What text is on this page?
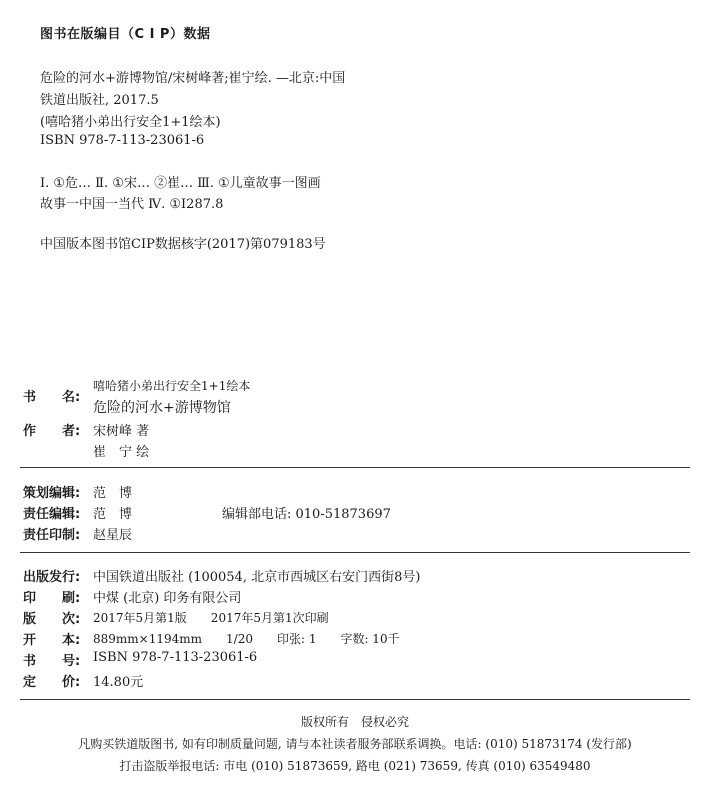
图书在版编目（C I P）数据
危险的河水+游博物馆/宋树峰著;崔宁绘. —北京:中国
铁道出版社, 2017.5
(嘻哈猪小弟出行安全1+1绘本)
ISBN 978-7-113-23061-6
Ⅰ. ①危… Ⅱ. ①宋… ②崔… Ⅲ. ①儿童故事一图画
故事一中国一当代 Ⅳ. ①I287.8
中国版本图书馆CIP数据核字(2017)第079183号
书　　名:
嘻哈猪小弟出行安全1+1绘本
危险的河水+游博物馆
作　　者: 宋树峰 著
崔　宁 绘
策划编辑: 范　博
责任编辑: 范　博	编辑部电话: 010-51873697
责任印制: 赵星辰
出版发行: 中国铁道出版社 (100054, 北京市西城区右安门西街8号)
印　　刷: 中煤 (北京) 印务有限公司
版　　次: 2017年5月第1版　　2017年5月第1次印刷
开　　本: 889mm×1194mm　　1/20　　印张: 1　　字数: 10千
书　　号: ISBN 978-7-113-23061-6
定　　价: 14.80元
版权所有　侵权必究
凡购买铁道版图书, 如有印制质量问题, 请与本社读者服务部联系调换。电话: (010) 51873174 (发行部)
打击盗版举报电话: 市电 (010) 51873659, 路电 (021) 73659, 传真 (010) 63549480
